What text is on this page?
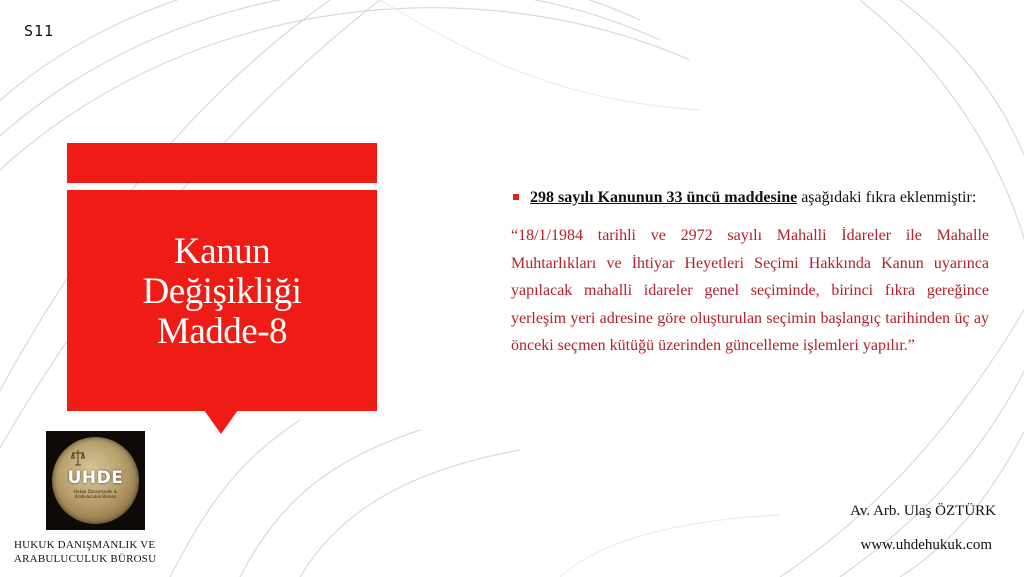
S11
Kanun
Değişikliği
Madde-8
UHDE
Hukuk Danışmanlık & Arabuluculuk Bürosu
HUKUK DANIŞMANLIK VE
ARABULUCULUK BÜROSU
298 sayılı Kanunun 33 üncü maddesine aşağıdaki fıkra eklenmiştir:
“18/1/1984 tarihli ve 2972 sayılı Mahalli İdareler ile Mahalle Muhtarlıkları ve İhtiyar Heyetleri Seçimi Hakkında Kanun uyarınca yapılacak mahalli idareler genel seçiminde, birinci fıkra gereğince yerleşim yeri adresine göre oluşturulan seçimin başlangıç tarihinden üç ay önceki seçmen kütüğü üzerinden güncelleme işlemleri yapılır.”
Av. Arb. Ulaş ÖZTÜRK
www.uhdehukuk.com
